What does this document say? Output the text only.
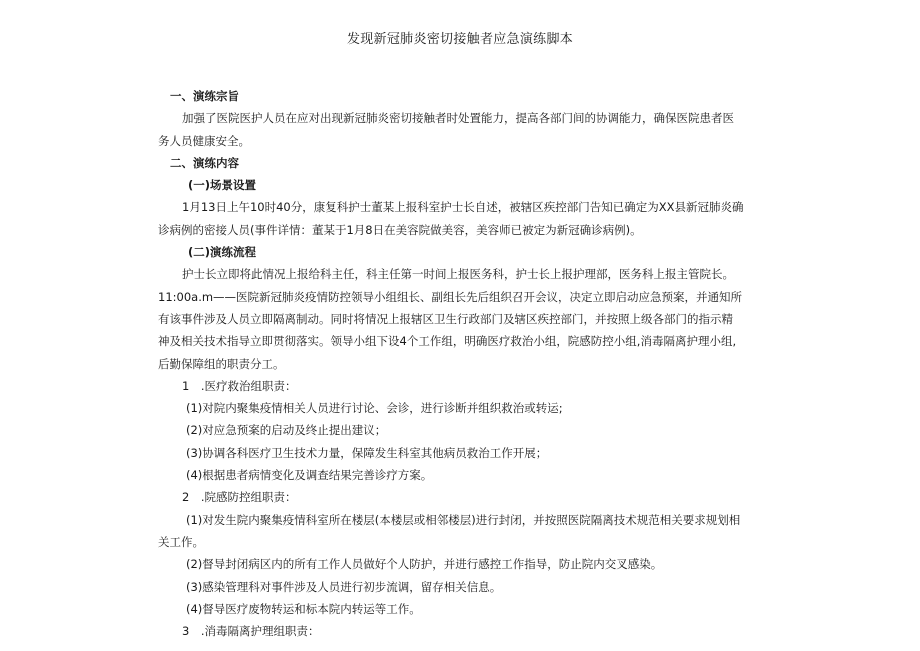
发现新冠肺炎密切接触者应急演练脚本
一、演练宗旨
加强了医院医护人员在应对出现新冠肺炎密切接触者时处置能力，提高各部门间的协调能力，确保医院患者医
务人员健康安全。
二、演练内容
(一)场景设置
1月13日上午10时40分，康复科护士董某上报科室护士长自述，被辖区疾控部门告知已确定为XX县新冠肺炎确
诊病例的密接人员(事件详情：董某于1月8日在美容院做美容，美容师已被定为新冠确诊病例)。
(二)演练流程
护士长立即将此情况上报给科主任，科主任第一时间上报医务科，护士长上报护理部，医务科上报主管院长。
11:00a.m——医院新冠肺炎疫情防控领导小组组长、副组长先后组织召开会议，决定立即启动应急预案，并通知所
有该事件涉及人员立即隔离制动。同时将情况上报辖区卫生行政部门及辖区疾控部门，并按照上级各部门的指示精
神及相关技术指导立即贯彻落实。领导小组下设4个工作组，明确医疗救治小组，院感防控小组,消毒隔离护理小组,
后勤保障组的职责分工。
1　.医疗救治组职责：
(1)对院内聚集疫情相关人员进行讨论、会诊，进行诊断并组织救治或转运;
(2)对应急预案的启动及终止提出建议；
(3)协调各科医疗卫生技术力量，保障发生科室其他病员救治工作开展；
(4)根据患者病情变化及调查结果完善诊疗方案。
2　.院感防控组职责：
(1)对发生院内聚集疫情科室所在楼层(本楼层或相邻楼层)进行封闭，并按照医院隔离技术规范相关要求规划相
关工作。
(2)督导封闭病区内的所有工作人员做好个人防护，并进行感控工作指导，防止院内交叉感染。
(3)感染管理科对事件涉及人员进行初步流调，留存相关信息。
(4)督导医疗废物转运和标本院内转运等工作。
3　.消毒隔离护理组职责：
